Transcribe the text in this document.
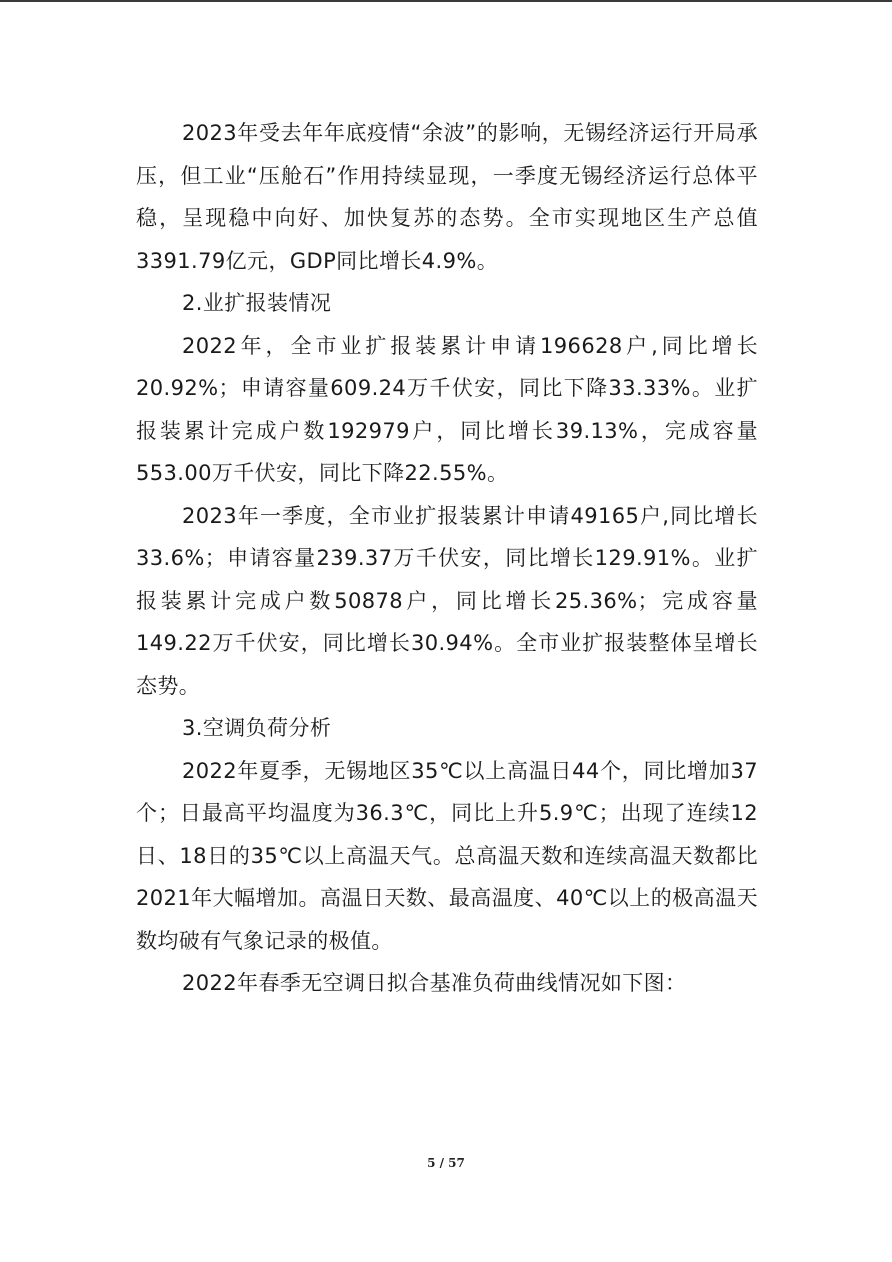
2023年受去年年底疫情“余波”的影响，无锡经济运行开局承压，但工业“压舱石”作用持续显现，一季度无锡经济运行总体平稳，呈现稳中向好、加快复苏的态势。全市实现地区生产总值3391.79亿元，GDP同比增长4.9%。

2.业扩报装情况

2022年，全市业扩报装累计申请196628户,同比增长20.92%；申请容量609.24万千伏安，同比下降33.33%。业扩报装累计完成户数192979户，同比增长39.13%，完成容量553.00万千伏安，同比下降22.55%。

2023年一季度，全市业扩报装累计申请49165户,同比增长33.6%；申请容量239.37万千伏安，同比增长129.91%。业扩报装累计完成户数50878户，同比增长25.36%；完成容量149.22万千伏安，同比增长30.94%。全市业扩报装整体呈增长态势。

3.空调负荷分析

2022年夏季，无锡地区35℃以上高温日44个，同比增加37个；日最高平均温度为36.3℃，同比上升5.9℃；出现了连续12日、18日的35℃以上高温天气。总高温天数和连续高温天数都比2021年大幅增加。高温日天数、最高温度、40℃以上的极高温天数均破有气象记录的极值。

2022年春季无空调日拟合基准负荷曲线情况如下图：

5 / 57
